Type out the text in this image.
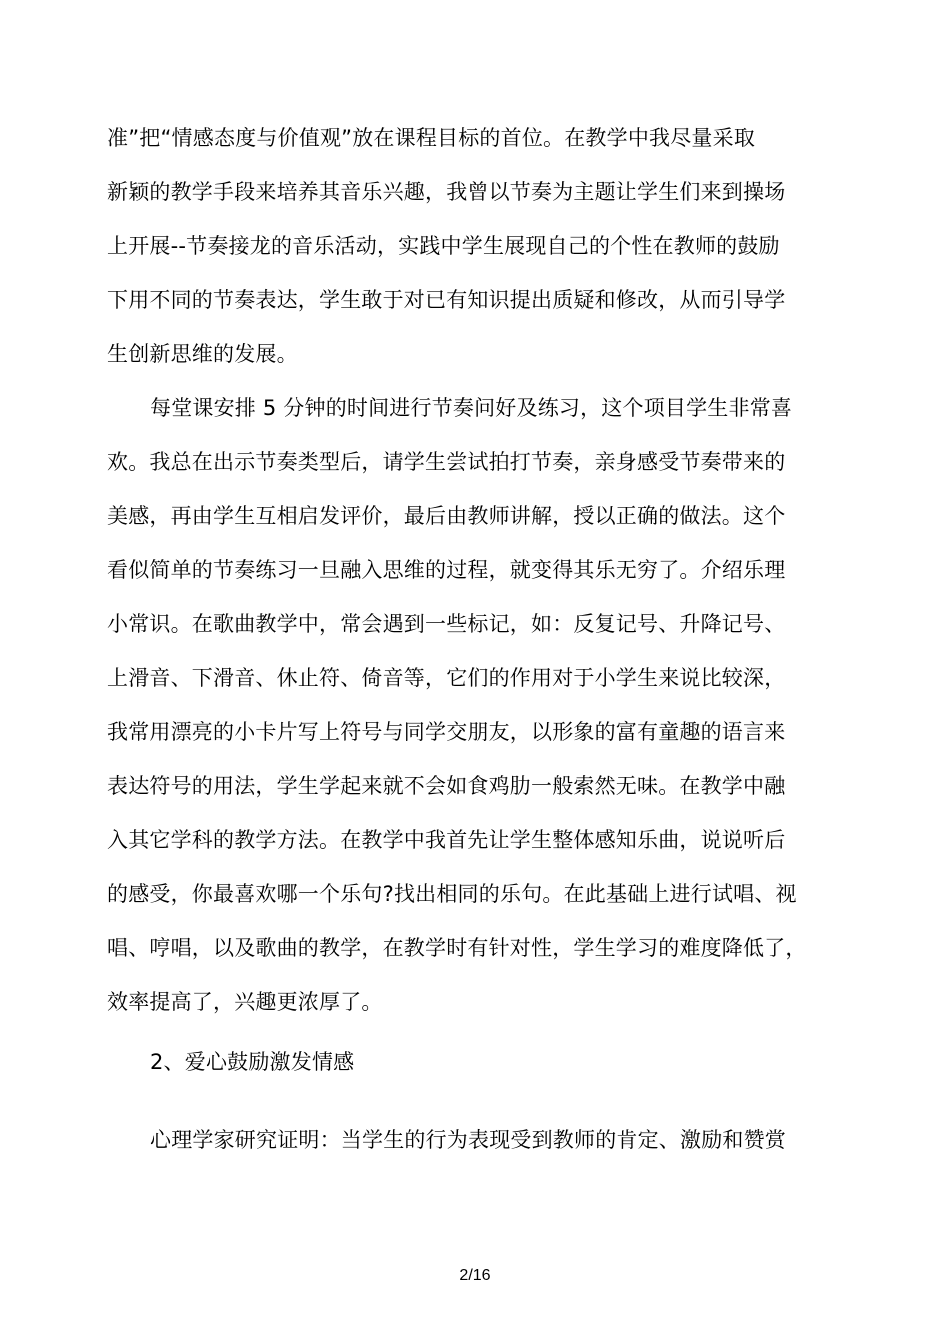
准”把“情感态度与价值观”放在课程目标的首位。在教学中我尽量采取
新颖的教学手段来培养其音乐兴趣，我曾以节奏为主题让学生们来到操场
上开展--节奏接龙的音乐活动，实践中学生展现自己的个性在教师的鼓励
下用不同的节奏表达，学生敢于对已有知识提出质疑和修改，从而引导学
生创新思维的发展。
每堂课安排 5 分钟的时间进行节奏问好及练习，这个项目学生非常喜
欢。我总在出示节奏类型后，请学生尝试拍打节奏，亲身感受节奏带来的
美感，再由学生互相启发评价，最后由教师讲解，授以正确的做法。这个
看似简单的节奏练习一旦融入思维的过程，就变得其乐无穷了。介绍乐理
小常识。在歌曲教学中，常会遇到一些标记，如：反复记号、升降记号、
上滑音、下滑音、休止符、倚音等，它们的作用对于小学生来说比较深，
我常用漂亮的小卡片写上符号与同学交朋友，以形象的富有童趣的语言来
表达符号的用法，学生学起来就不会如食鸡肋一般索然无味。在教学中融
入其它学科的教学方法。在教学中我首先让学生整体感知乐曲，说说听后
的感受，你最喜欢哪一个乐句?找出相同的乐句。在此基础上进行试唱、视
唱、哼唱，以及歌曲的教学，在教学时有针对性，学生学习的难度降低了，
效率提高了，兴趣更浓厚了。
2、爱心鼓励激发情感
心理学家研究证明：当学生的行为表现受到教师的肯定、激励和赞赏
2/16
